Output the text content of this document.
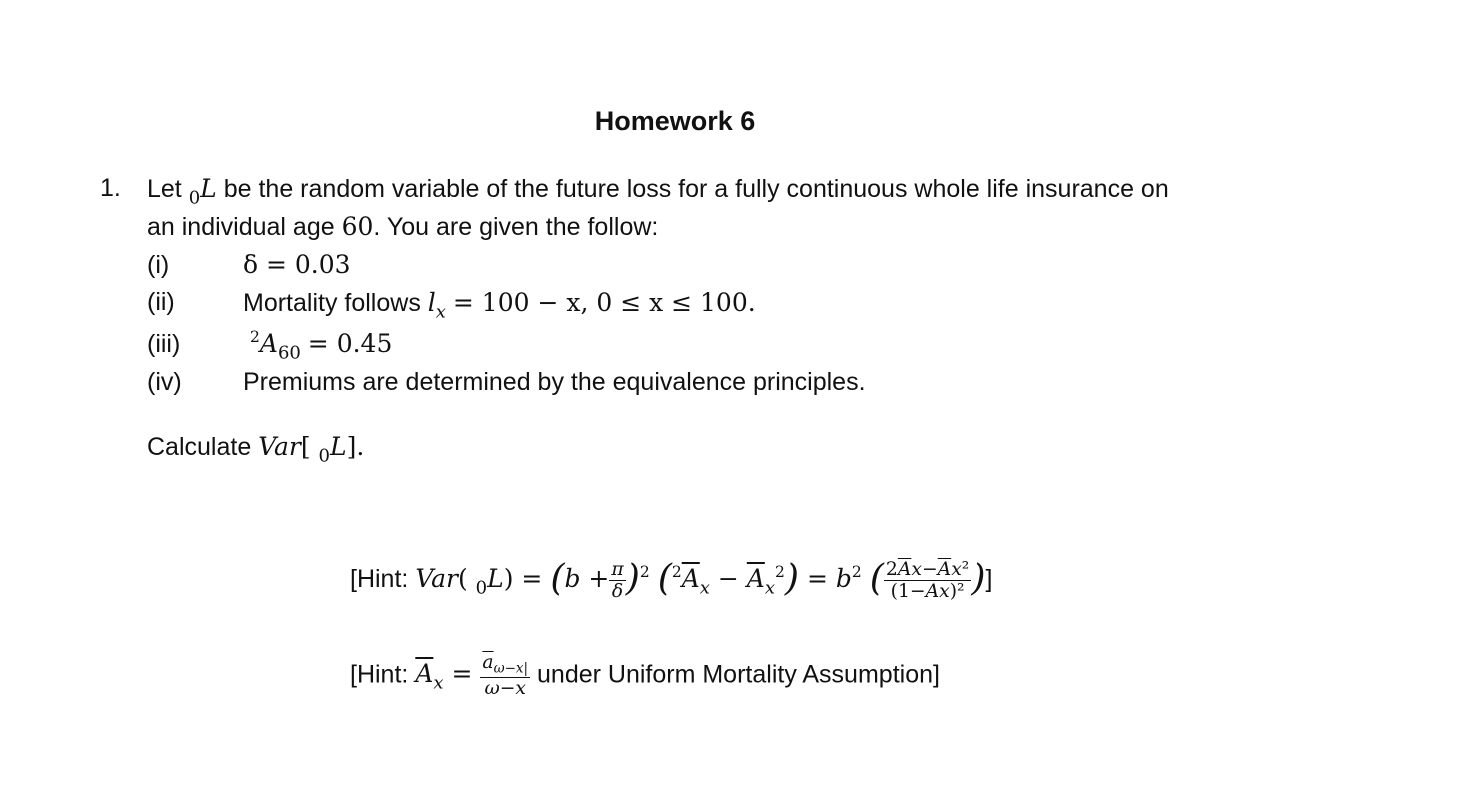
Homework 6
1. Let $_0$L be the random variable of the future loss for a fully continuous whole life insurance on
an individual age 60. You are given the follow:
(i)	δ = 0.03
(ii)	Mortality follows $l_x = 100 - x$, 0 ≤ x ≤ 100.
(iii)	$^2A_{60} = 0.45$
(iv) Premiums are determined by the equivalence principles.
Calculate Var[ $_0$L].
[Hint: Var( $_0L) = (b + \frac{\pi}{\delta} )^2$ $(^2\overline{A}_x - \overline{A}_x^2) = b^2$ ( $\frac{2\overline{A}x-\overline{A}x^2}{(1-\overline{A}x)^2}$ )]
[Hint: $\overline{A}_x = \frac{\overline{a}_{\omega-x|}}{\omega-x}$ under Uniform Mortality Assumption]
